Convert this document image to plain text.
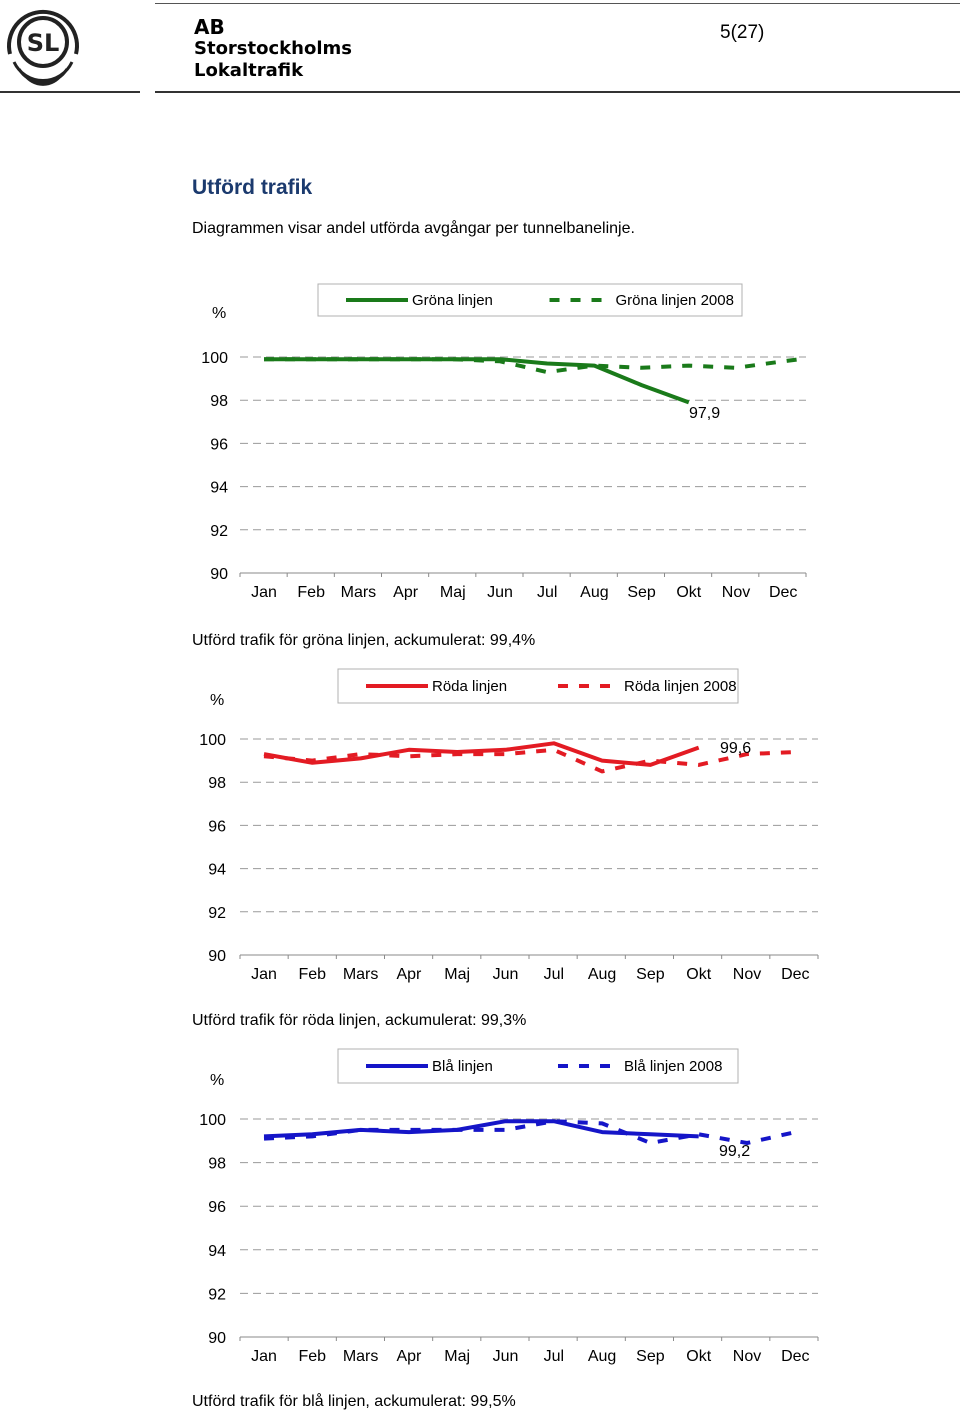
SL
AB
Storstockholms
Lokaltrafik
5(27)
Utförd trafik
Diagrammen visar andel utförda avgångar per tunnelbanelinje.
%
100
98
96
94
92
90
Jan Feb Mars Apr Maj Jun Jul Aug Sep Okt Nov Dec
97,9
Gröna linjen	Gröna linjen 2008
Utförd trafik för gröna linjen, ackumulerat: 99,4%
%
100
98
96
94
92
90
Jan Feb Mars Apr Maj Jun Jul Aug Sep Okt Nov Dec
99,6
Röda linjen	Röda linjen 2008
Utförd trafik för röda linjen, ackumulerat: 99,3%
%
100
98
96
94
92
90
Jan Feb Mars Apr Maj Jun Jul Aug Sep Okt Nov Dec
99,2
Blå linjen	Blå linjen 2008
Utförd trafik för blå linjen, ackumulerat: 99,5%
